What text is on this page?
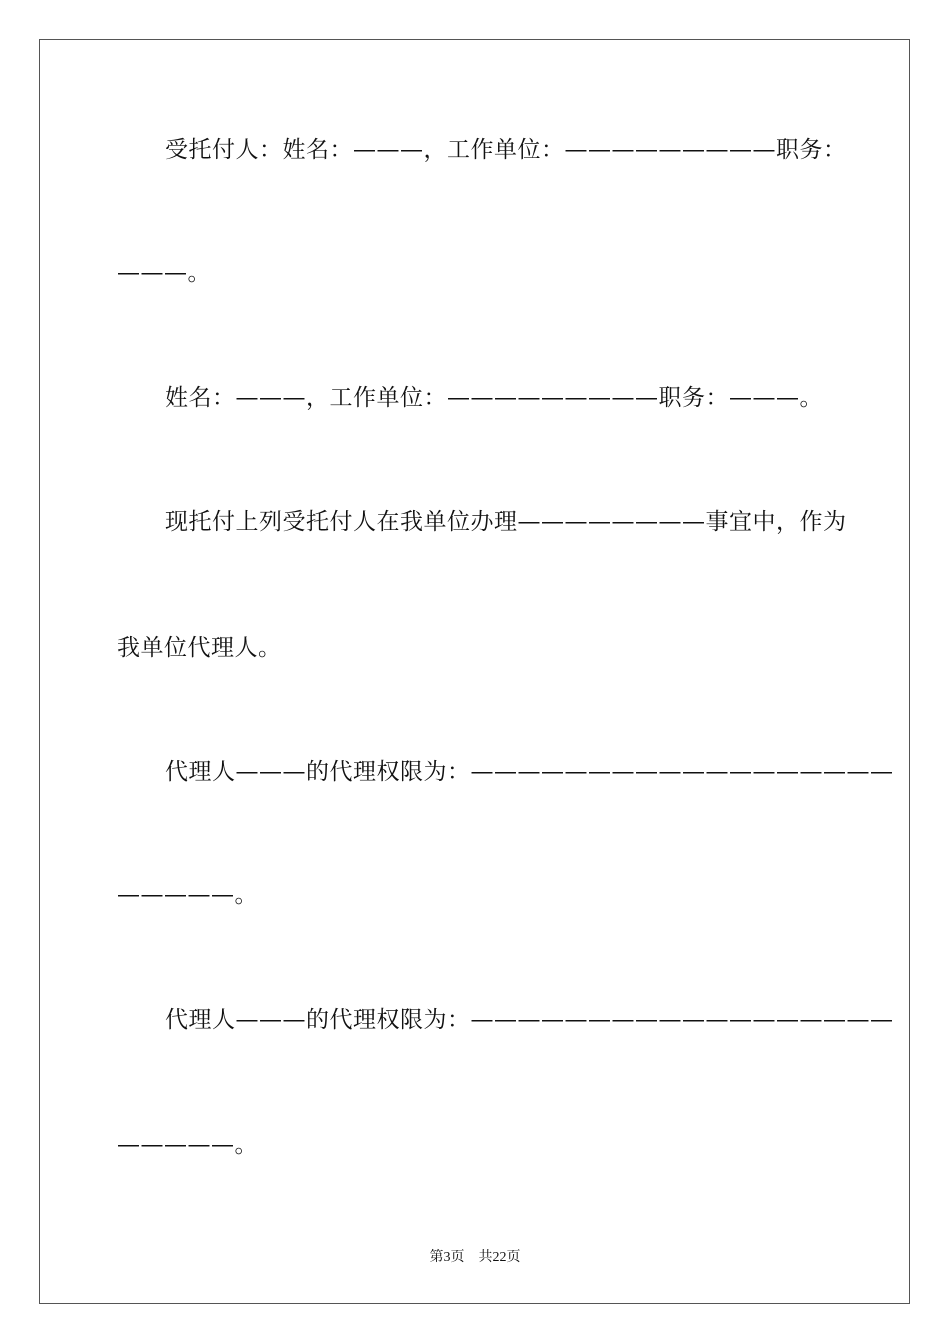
受托付人：姓名：———，工作单位：—————————职务：
———。
姓名：———，工作单位：—————————职务：———。
现托付上列受托付人在我单位办理————————事宜中，作为
我单位代理人。
代理人———的代理权限为：——————————————————
—————。
代理人———的代理权限为：——————————————————
—————。
第3页 共22页
